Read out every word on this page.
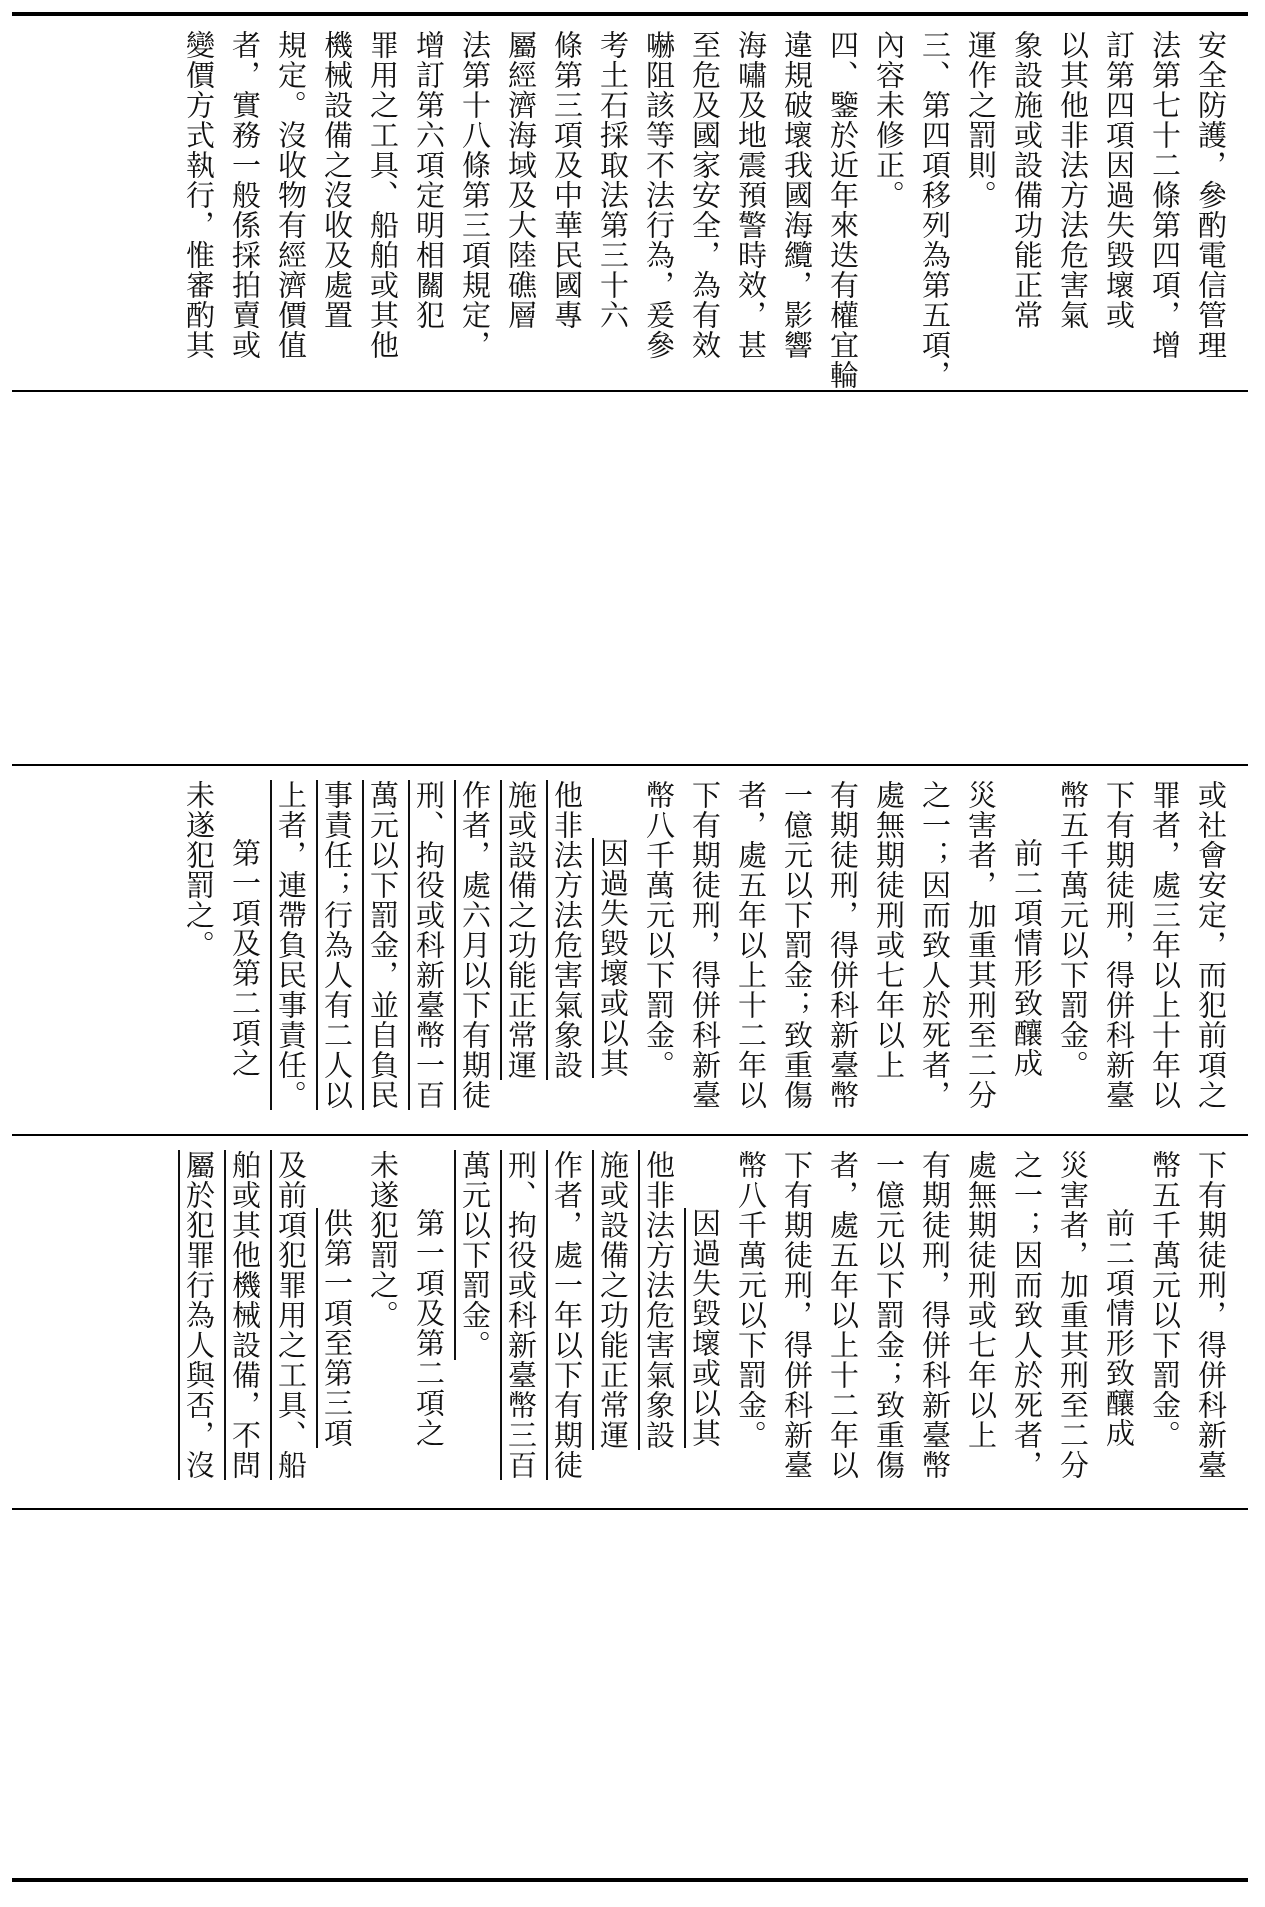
安全防護，參酌電信管理
法第七十二條第四項，增
訂第四項因過失毀壞或
以其他非法方法危害氣
象設施或設備功能正常
運作之罰則。
三、第四項移列為第五項，
內容未修正。
四、鑒於近年來迭有權宜輪
違規破壞我國海纜，影響
海嘯及地震預警時效，甚
至危及國家安全，為有效
嚇阻該等不法行為，爰參
考土石採取法第三十六
條第三項及中華民國專
屬經濟海域及大陸礁層
法第十八條第三項規定，
增訂第六項定明相關犯
罪用之工具、船舶或其他
機械設備之沒收及處置
規定。沒收物有經濟價值
者，實務一般係採拍賣或
變價方式執行，惟審酌其
或社會安定，而犯前項之
罪者，處三年以上十年以
下有期徒刑，得併科新臺
幣五千萬元以下罰金。
前二項情形致釀成
災害者，加重其刑至二分
之一；因而致人於死者，
處無期徒刑或七年以上
有期徒刑，得併科新臺幣
一億元以下罰金；致重傷
者，處五年以上十二年以
下有期徒刑，得併科新臺
幣八千萬元以下罰金。
因過失毀壞或以其
他非法方法危害氣象設
施或設備之功能正常運
作者，處六月以下有期徒
刑、拘役或科新臺幣一百
萬元以下罰金，並自負民
事責任；行為人有二人以
上者，連帶負民事責任。
第一項及第二項之
未遂犯罰之。
下有期徒刑，得併科新臺
幣五千萬元以下罰金。
前二項情形致釀成
災害者，加重其刑至二分
之一；因而致人於死者，
處無期徒刑或七年以上
有期徒刑，得併科新臺幣
一億元以下罰金；致重傷
者，處五年以上十二年以
下有期徒刑，得併科新臺
幣八千萬元以下罰金。
因過失毀壞或以其
他非法方法危害氣象設
施或設備之功能正常運
作者，處一年以下有期徒
刑、拘役或科新臺幣三百
萬元以下罰金。
第一項及第二項之
未遂犯罰之。
供第一項至第三項
及前項犯罪用之工具、船
舶或其他機械設備，不問
屬於犯罪行為人與否，沒
